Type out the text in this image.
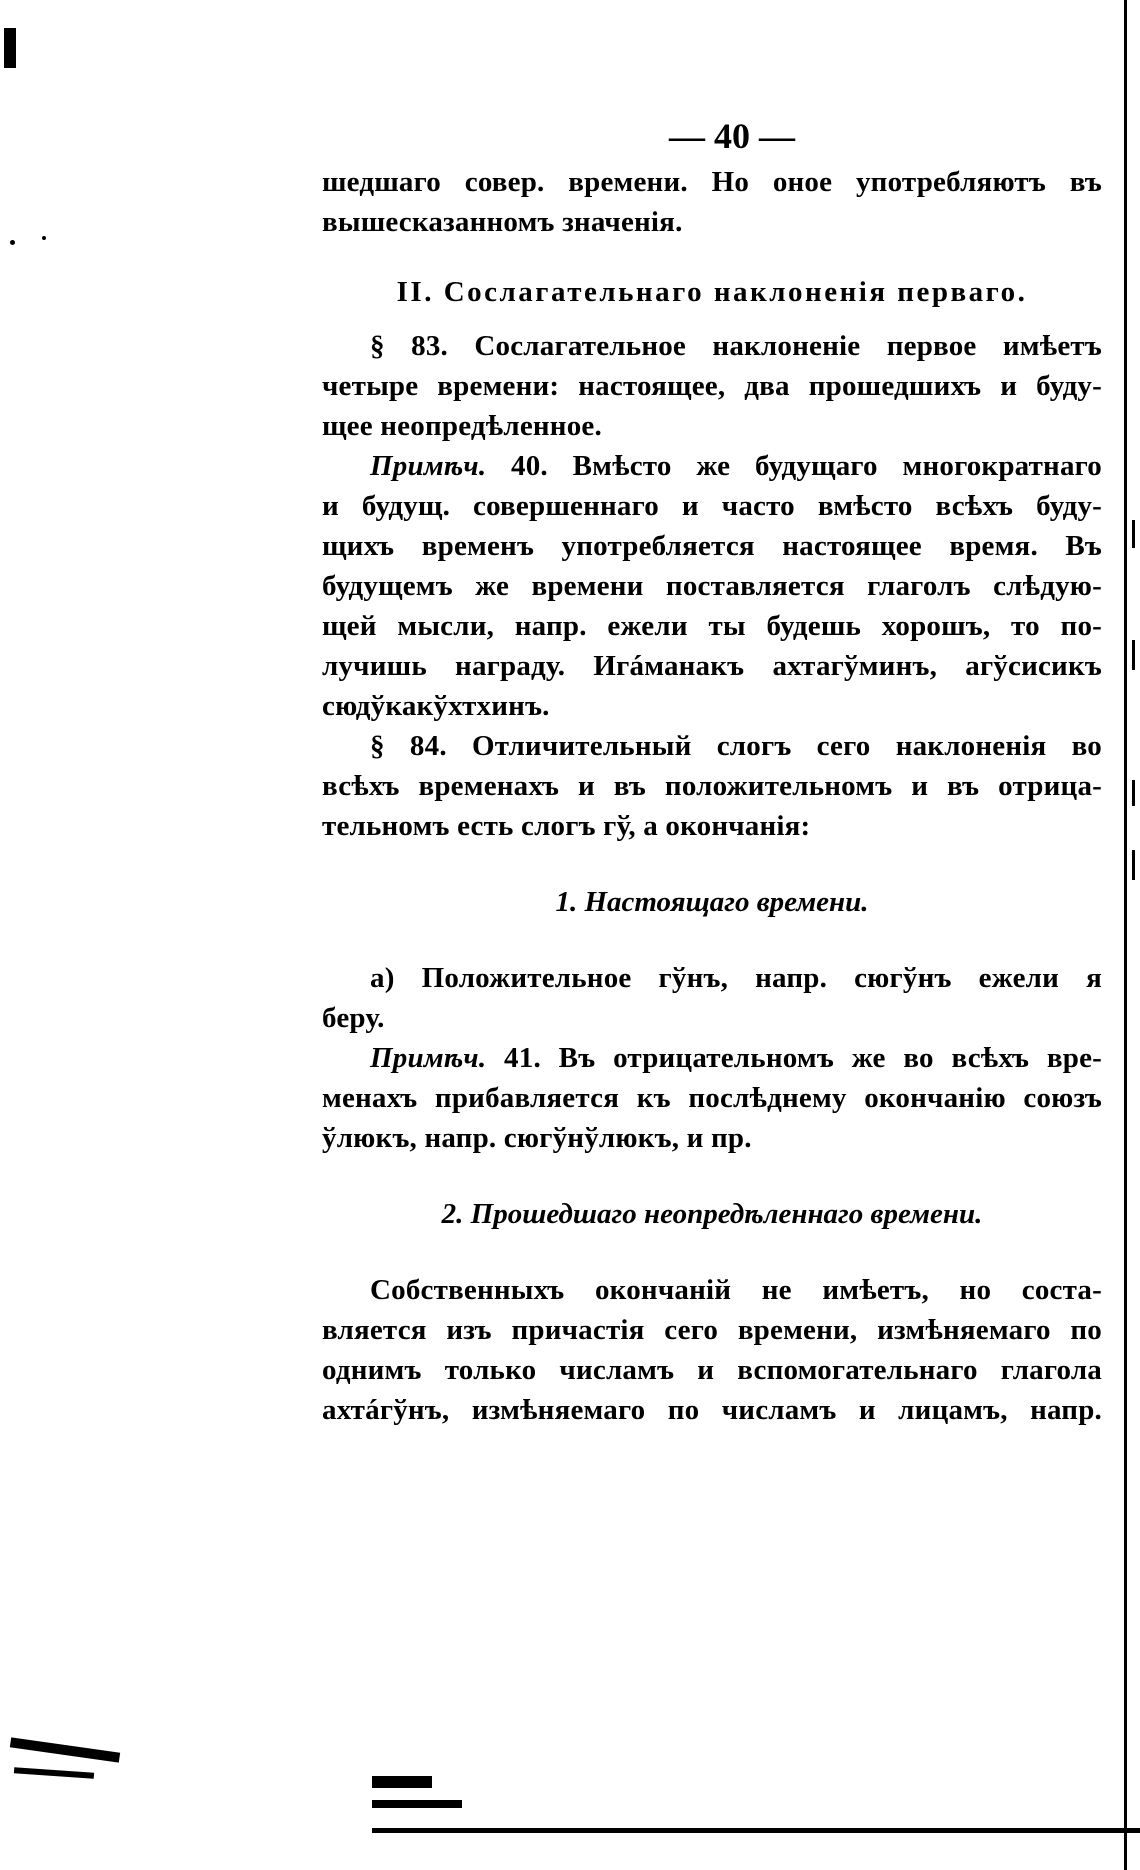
— 40 —
шедшаго совер. времени. Но оное употребляютъ въ
вышесказанномъ значенія.
II. Сослагательнаго наклоненія перваго.
§ 83. Сослагательное наклоненіе первое имѣетъ
четыре времени: настоящее, два прошедшихъ и буду-
щее неопредѣленное.
Примѣч. 40. Вмѣсто же будущаго многократнаго
и будущ. совершеннаго и часто вмѣсто всѣхъ буду-
щихъ временъ употребляется настоящее время. Въ
будущемъ же времени поставляется глаголъ слѣдую-
щей мысли, напр. ежели ты будешь хорошъ, то по-
лучишь награду. Игáманакъ ахтагўминъ, агўсисикъ
сюдўкакўхтхинъ.
§ 84. Отличительный слогъ сего наклоненія во
всѣхъ временахъ и въ положительномъ и въ отрица-
тельномъ есть слогъ гў, а окончанія:
1. Настоящаго времени.
а) Положительное гўнъ, напр. сюгўнъ ежели я
беру.
Примѣч. 41. Въ отрицательномъ же во всѣхъ вре-
менахъ прибавляется къ послѣднему окончанію союзъ
ўлюкъ, напр. сюгўнўлюкъ, и пр.
2. Прошедшаго неопредѣленнаго времени.
Собственныхъ окончаній не имѣетъ, но соста-
вляется изъ причастія сего времени, измѣняемаго по
однимъ только числамъ и вспомогательнаго глагола
ахтáгўнъ, измѣняемаго по числамъ и лицамъ, напр.
